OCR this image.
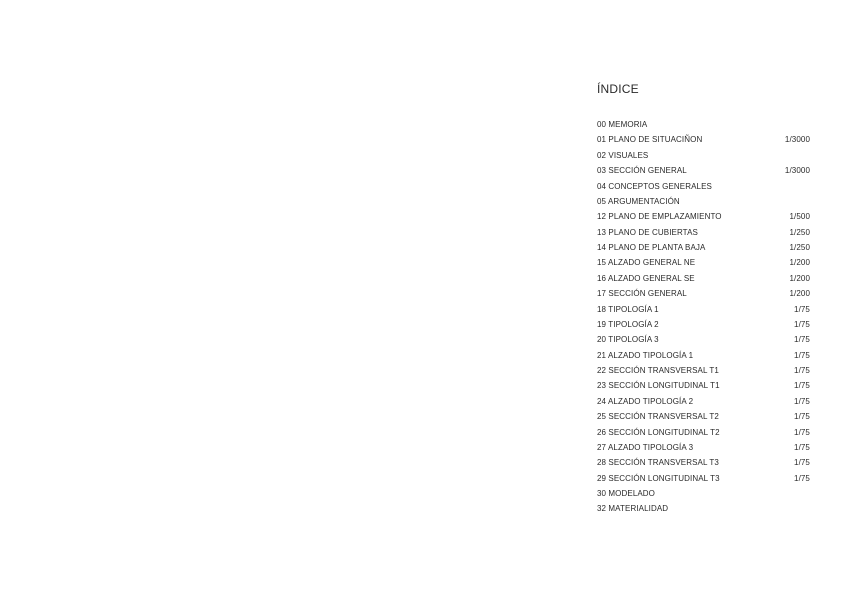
ÍNDICE
00 MEMORIA
01 PLANO DE SITUACIÑON	1/3000
02 VISUALES
03 SECCIÓN GENERAL	1/3000
04 CONCEPTOS GENERALES
05 ARGUMENTACIÓN
12 PLANO DE EMPLAZAMIENTO	1/500
13 PLANO DE CUBIERTAS	1/250
14 PLANO DE PLANTA BAJA	1/250
15 ALZADO GENERAL NE	1/200
16 ALZADO GENERAL SE	1/200
17 SECCIÓN GENERAL	1/200
18 TIPOLOGÍA 1	1/75
19 TIPOLOGÍA 2	1/75
20 TIPOLOGÍA 3	1/75
21 ALZADO TIPOLOGÍA 1	1/75
22 SECCIÓN TRANSVERSAL T1	1/75
23 SECCIÓN LONGITUDINAL T1	1/75
24 ALZADO TIPOLOGÍA 2	1/75
25 SECCIÓN TRANSVERSAL T2	1/75
26 SECCIÓN LONGITUDINAL T2	1/75
27 ALZADO TIPOLOGÍA 3	1/75
28 SECCIÓN TRANSVERSAL T3	1/75
29 SECCIÓN LONGITUDINAL T3	1/75
30 MODELADO
32 MATERIALIDAD
